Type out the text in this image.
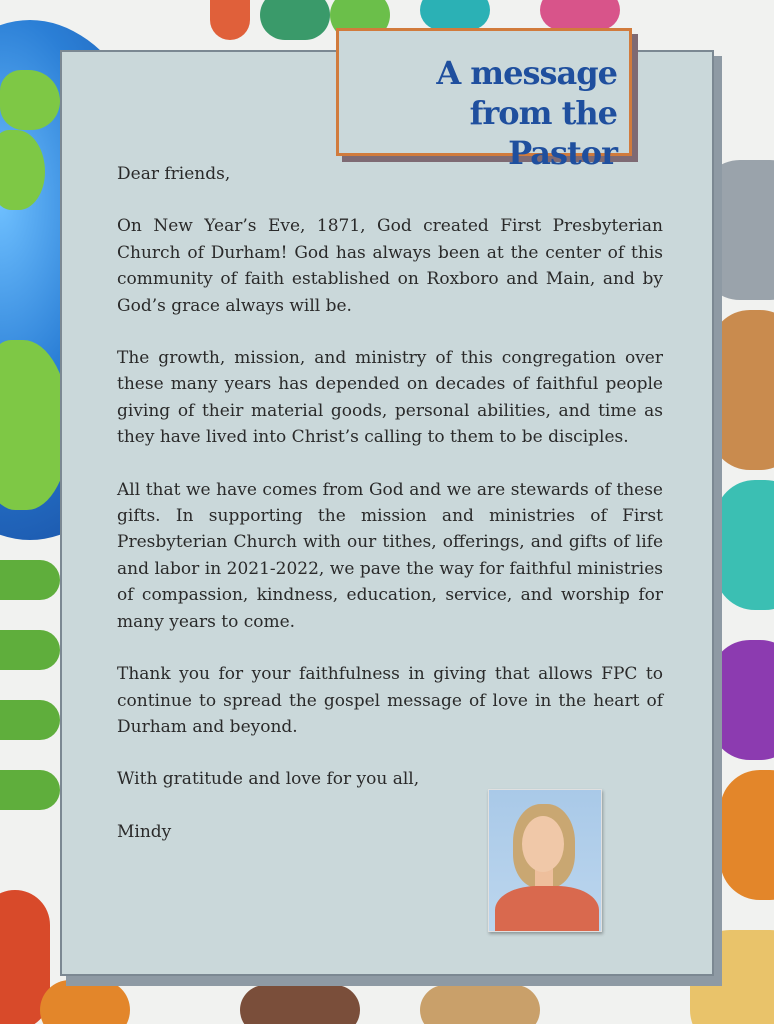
A message from the Pastor

Dear friends,

On New Year’s Eve, 1871, God created First Presbyterian Church of Durham! God has always been at the center of this community of faith established on Roxboro and Main, and by God’s grace always will be.

The growth, mission, and ministry of this congregation over these many years has depended on decades of faithful people giving of their material goods, personal abilities, and time as they have lived into Christ’s calling to them to be disciples.

All that we have comes from God and we are stewards of these gifts. In supporting the mission and ministries of First Presbyterian Church with our tithes, offerings, and gifts of life and labor in 2021-2022, we pave the way for faithful ministries of compassion, kindness, education, service, and worship for many years to come.

Thank you for your faithfulness in giving that allows FPC to continue to spread the gospel message of love in the heart of Durham and beyond.

With gratitude and love for you all,

Mindy
